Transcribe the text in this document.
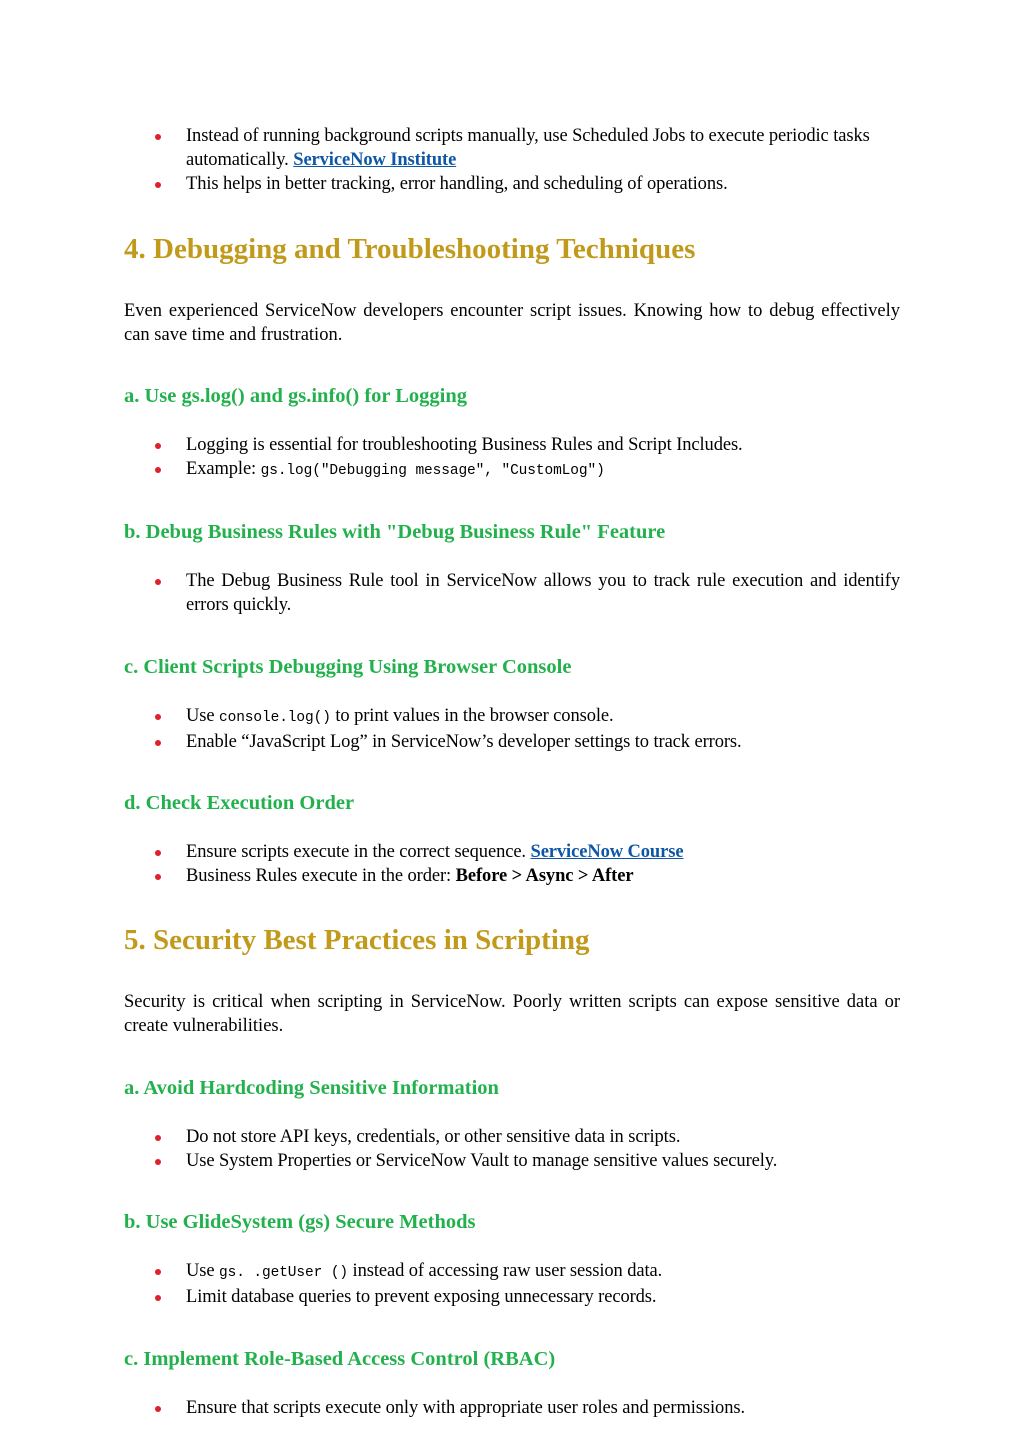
Instead of running background scripts manually, use Scheduled Jobs to execute periodic tasks automatically. ServiceNow Institute
This helps in better tracking, error handling, and scheduling of operations.
4. Debugging and Troubleshooting Techniques

Even experienced ServiceNow developers encounter script issues. Knowing how to debug effectively can save time and frustration.

a. Use gs.log() and gs.info() for Logging
Logging is essential for troubleshooting Business Rules and Script Includes.
Example: gs.log("Debugging message", "CustomLog")
b. Debug Business Rules with "Debug Business Rule" Feature
The Debug Business Rule tool in ServiceNow allows you to track rule execution and identify errors quickly.
c. Client Scripts Debugging Using Browser Console
Use console.log() to print values in the browser console.
Enable “JavaScript Log” in ServiceNow’s developer settings to track errors.
d. Check Execution Order
Ensure scripts execute in the correct sequence. ServiceNow Course
Business Rules execute in the order: Before > Async > After
5. Security Best Practices in Scripting

Security is critical when scripting in ServiceNow. Poorly written scripts can expose sensitive data or create vulnerabilities.

a. Avoid Hardcoding Sensitive Information
Do not store API keys, credentials, or other sensitive data in scripts.
Use System Properties or ServiceNow Vault to manage sensitive values securely.
b. Use GlideSystem (gs) Secure Methods
Use gs. .getUser () instead of accessing raw user session data.
Limit database queries to prevent exposing unnecessary records.
c. Implement Role-Based Access Control (RBAC)
Ensure that scripts execute only with appropriate user roles and permissions.
